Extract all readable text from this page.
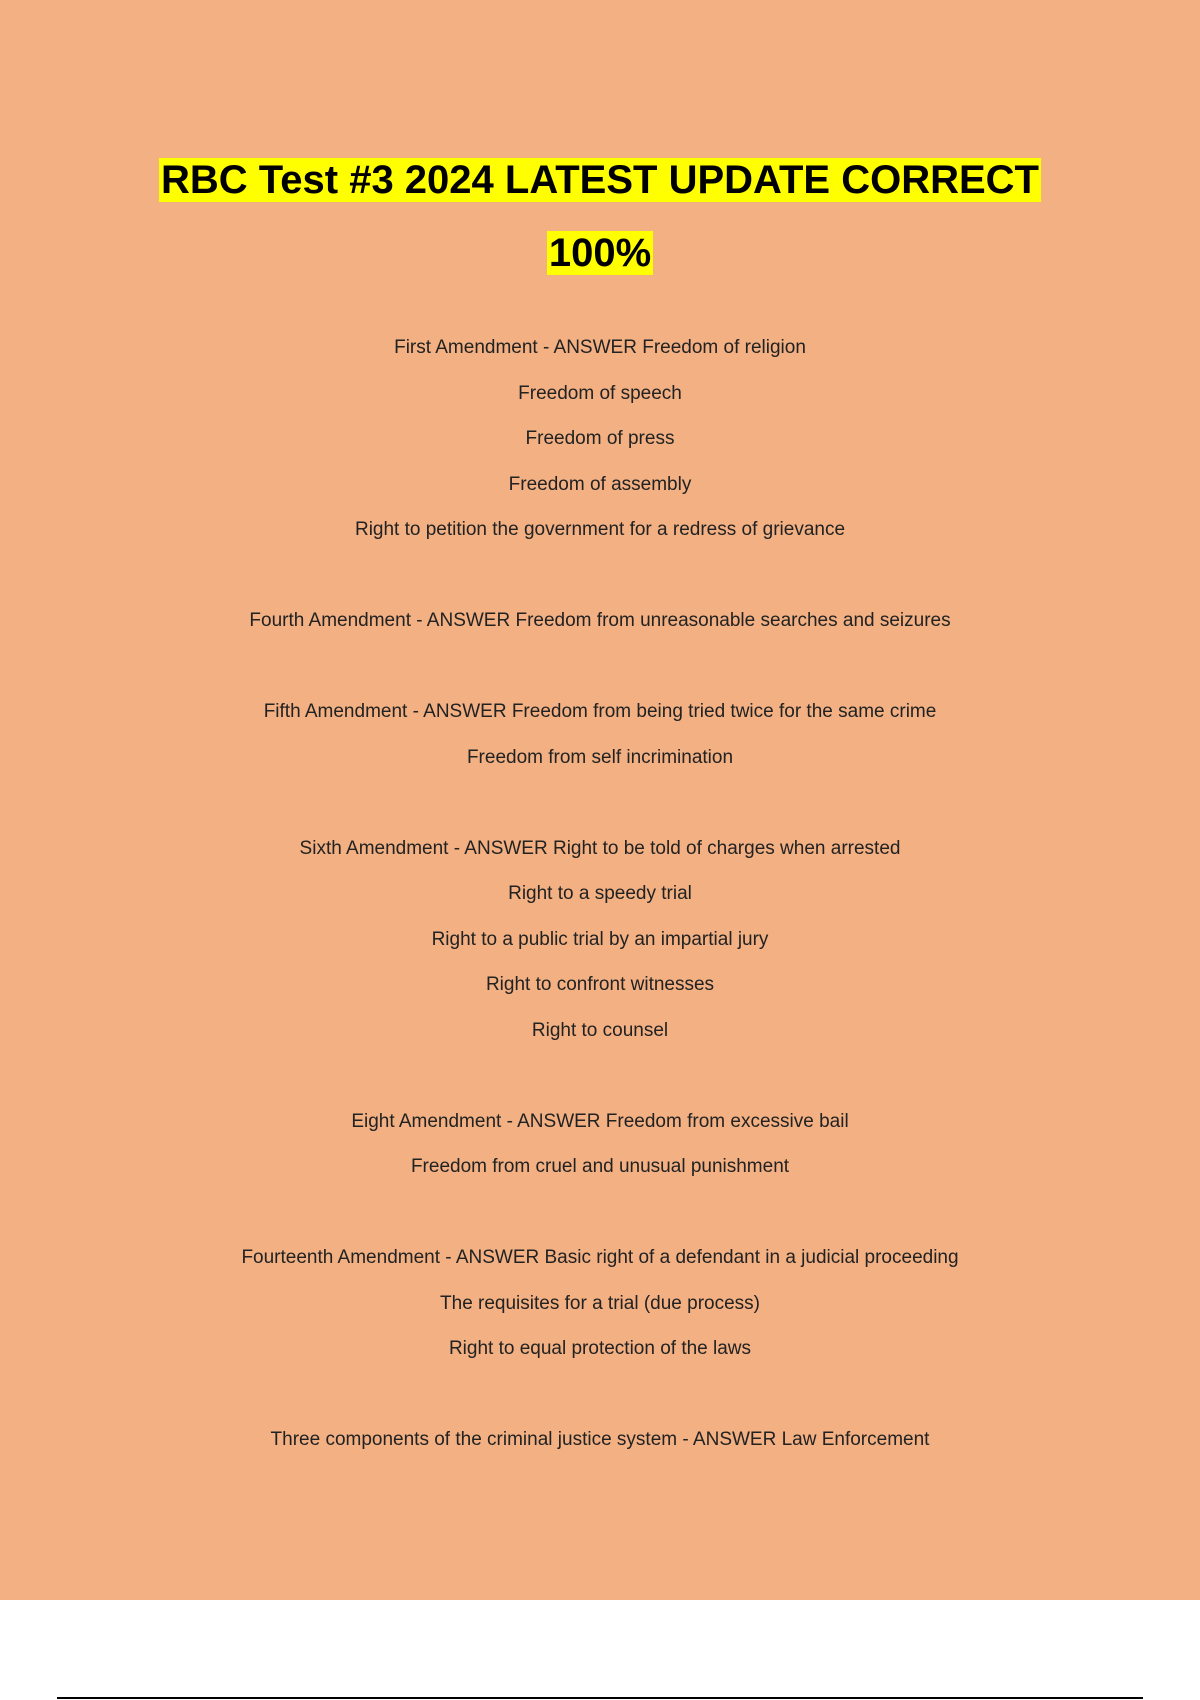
RBC Test #3 2024 LATEST UPDATE CORRECT
100%
First Amendment - ANSWER Freedom of religion
Freedom of speech
Freedom of press
Freedom of assembly
Right to petition the government for a redress of grievance
Fourth Amendment - ANSWER Freedom from unreasonable searches and seizures
Fifth Amendment - ANSWER Freedom from being tried twice for the same crime
Freedom from self incrimination
Sixth Amendment - ANSWER Right to be told of charges when arrested
Right to a speedy trial
Right to a public trial by an impartial jury
Right to confront witnesses
Right to counsel
Eight Amendment - ANSWER Freedom from excessive bail
Freedom from cruel and unusual punishment
Fourteenth Amendment - ANSWER Basic right of a defendant in a judicial proceeding
The requisites for a trial (due process)
Right to equal protection of the laws
Three components of the criminal justice system - ANSWER Law Enforcement
